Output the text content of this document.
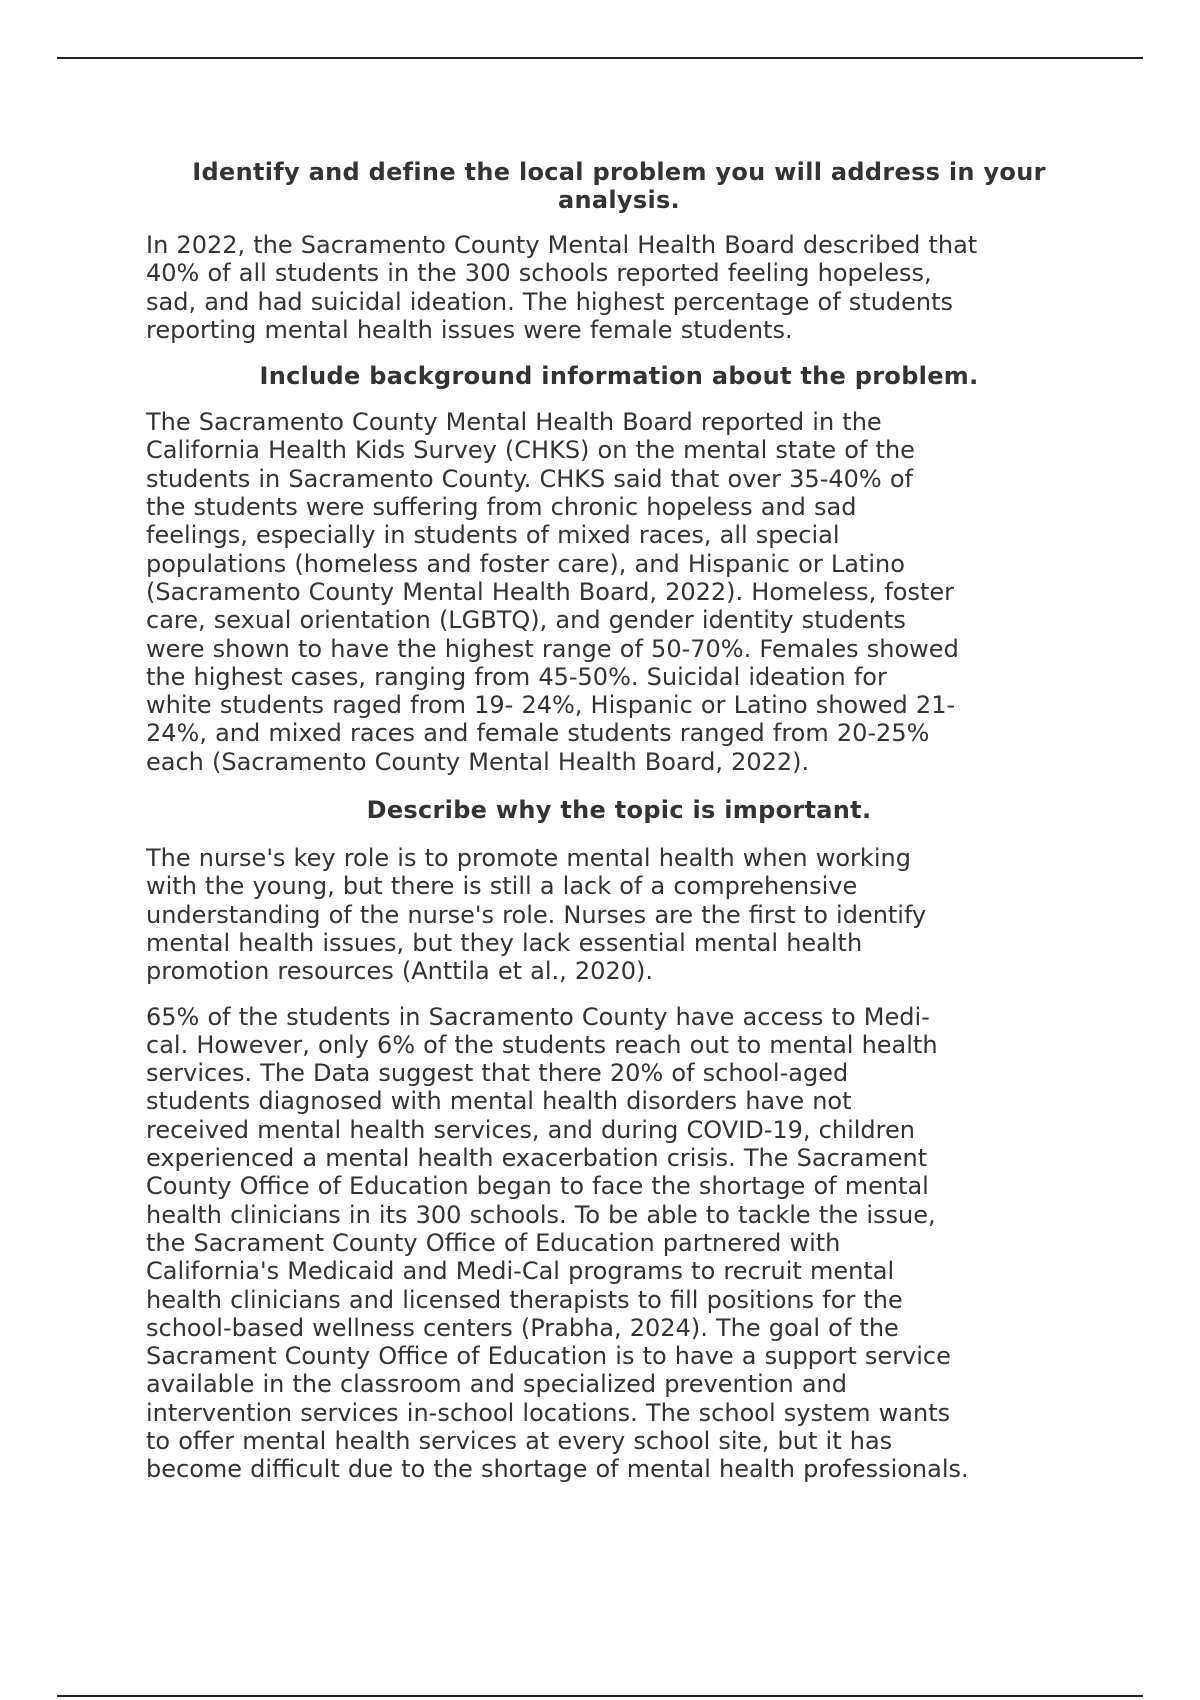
Identify and define the local problem you will address in your analysis.

In 2022, the Sacramento County Mental Health Board described that
40% of all students in the 300 schools reported feeling hopeless,
sad, and had suicidal ideation. The highest percentage of students
reporting mental health issues were female students.

Include background information about the problem.

The Sacramento County Mental Health Board reported in the
California Health Kids Survey (CHKS) on the mental state of the
students in Sacramento County. CHKS said that over 35-40% of
the students were suffering from chronic hopeless and sad
feelings, especially in students of mixed races, all special
populations (homeless and foster care), and Hispanic or Latino
(Sacramento County Mental Health Board, 2022). Homeless, foster
care, sexual orientation (LGBTQ), and gender identity students
were shown to have the highest range of 50-70%. Females showed
the highest cases, ranging from 45-50%. Suicidal ideation for
white students raged from 19- 24%, Hispanic or Latino showed 21-
24%, and mixed races and female students ranged from 20-25%
each (Sacramento County Mental Health Board, 2022).

Describe why the topic is important.

The nurse's key role is to promote mental health when working
with the young, but there is still a lack of a comprehensive
understanding of the nurse's role. Nurses are the first to identify
mental health issues, but they lack essential mental health
promotion resources (Anttila et al., 2020).

65% of the students in Sacramento County have access to Medi-
cal. However, only 6% of the students reach out to mental health
services. The Data suggest that there 20% of school-aged
students diagnosed with mental health disorders have not
received mental health services, and during COVID-19, children
experienced a mental health exacerbation crisis. The Sacrament
County Office of Education began to face the shortage of mental
health clinicians in its 300 schools. To be able to tackle the issue,
the Sacrament County Office of Education partnered with
California's Medicaid and Medi-Cal programs to recruit mental
health clinicians and licensed therapists to fill positions for the
school-based wellness centers (Prabha, 2024). The goal of the
Sacrament County Office of Education is to have a support service
available in the classroom and specialized prevention and
intervention services in-school locations. The school system wants
to offer mental health services at every school site, but it has
become difficult due to the shortage of mental health professionals.
